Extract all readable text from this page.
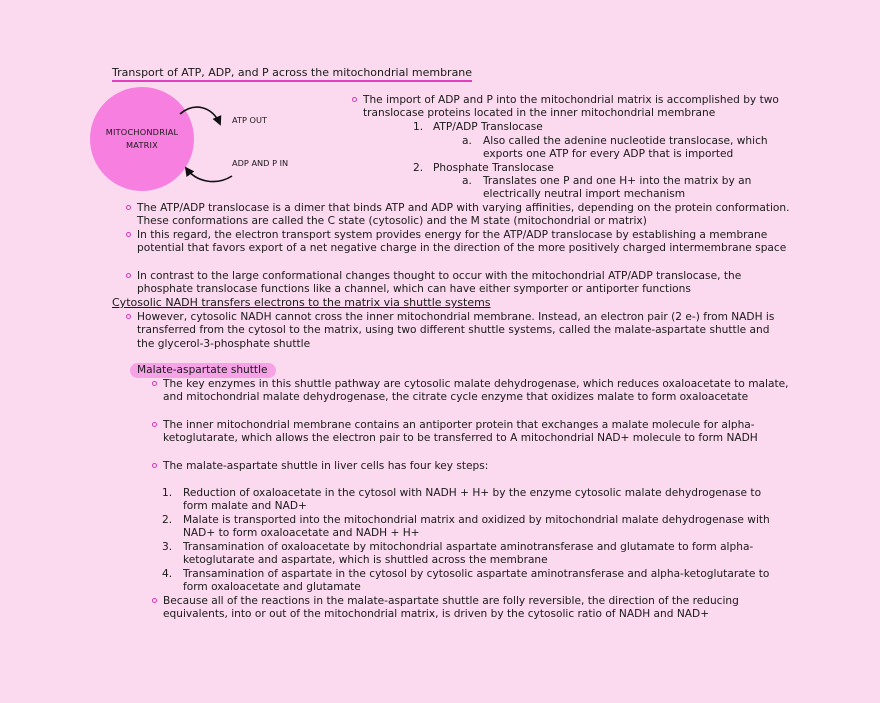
Transport of ATP, ADP, and P across the mitochondrial membrane
MITOCHONDRIAL
MATRIX
ATP OUT
ADP AND P IN
The import of ADP and P into the mitochondrial matrix is accomplished by two translocase proteins located in the inner mitochondrial membrane
1. ATP/ADP Translocase
a.	Also called the adenine nucleotide translocase, which exports one ATP for every ADP that is imported
2. Phosphate Translocase
a.	Translates one P and one H+ into the matrix by an electrically neutral import mechanism
The ATP/ADP translocase is a dimer that binds ATP and ADP with varying affinities, depending on the protein conformation. These conformations are called the C state (cytosolic) and the M state (mitochondrial or matrix)
In this regard, the electron transport system provides energy for the ATP/ADP translocase by establishing a membrane potential that favors export of a net negative charge in the direction of the more positively charged intermembrane space
In contrast to the large conformational changes thought to occur with the mitochondrial ATP/ADP translocase, the phosphate translocase functions like a channel, which can have either symporter or antiporter functions
Cytosolic NADH transfers electrons to the matrix via shuttle systems
However, cytosolic NADH cannot cross the inner mitochondrial membrane. Instead, an electron pair (2 e-) from NADH is transferred from the cytosol to the matrix, using two different shuttle systems, called the malate-aspartate shuttle and the glycerol-3-phosphate shuttle
Malate-aspartate shuttle
The key enzymes in this shuttle pathway are cytosolic malate dehydrogenase, which reduces oxaloacetate to malate, and mitochondrial malate dehydrogenase, the citrate cycle enzyme that oxidizes malate to form oxaloacetate
The inner mitochondrial membrane contains an antiporter protein that exchanges a malate molecule for alpha-ketoglutarate, which allows the electron pair to be transferred to A mitochondrial NAD+ molecule to form NADH
The malate-aspartate shuttle in liver cells has four key steps:
1.	Reduction of oxaloacetate in the cytosol with NADH + H+ by the enzyme cytosolic malate dehydrogenase to form malate and NAD+
2.	Malate is transported into the mitochondrial matrix and oxidized by mitochondrial malate dehydrogenase with NAD+ to form oxaloacetate and NADH + H+
3.	Transamination of oxaloacetate by mitochondrial aspartate aminotransferase and glutamate to form alpha-ketoglutarate and aspartate, which is shuttled across the membrane
4.	Transamination of aspartate in the cytosol by cytosolic aspartate aminotransferase and alpha-ketoglutarate to form oxaloacetate and glutamate
Because all of the reactions in the malate-aspartate shuttle are folly reversible, the direction of the reducing equivalents, into or out of the mitochondrial matrix, is driven by the cytosolic ratio of NADH and NAD+
